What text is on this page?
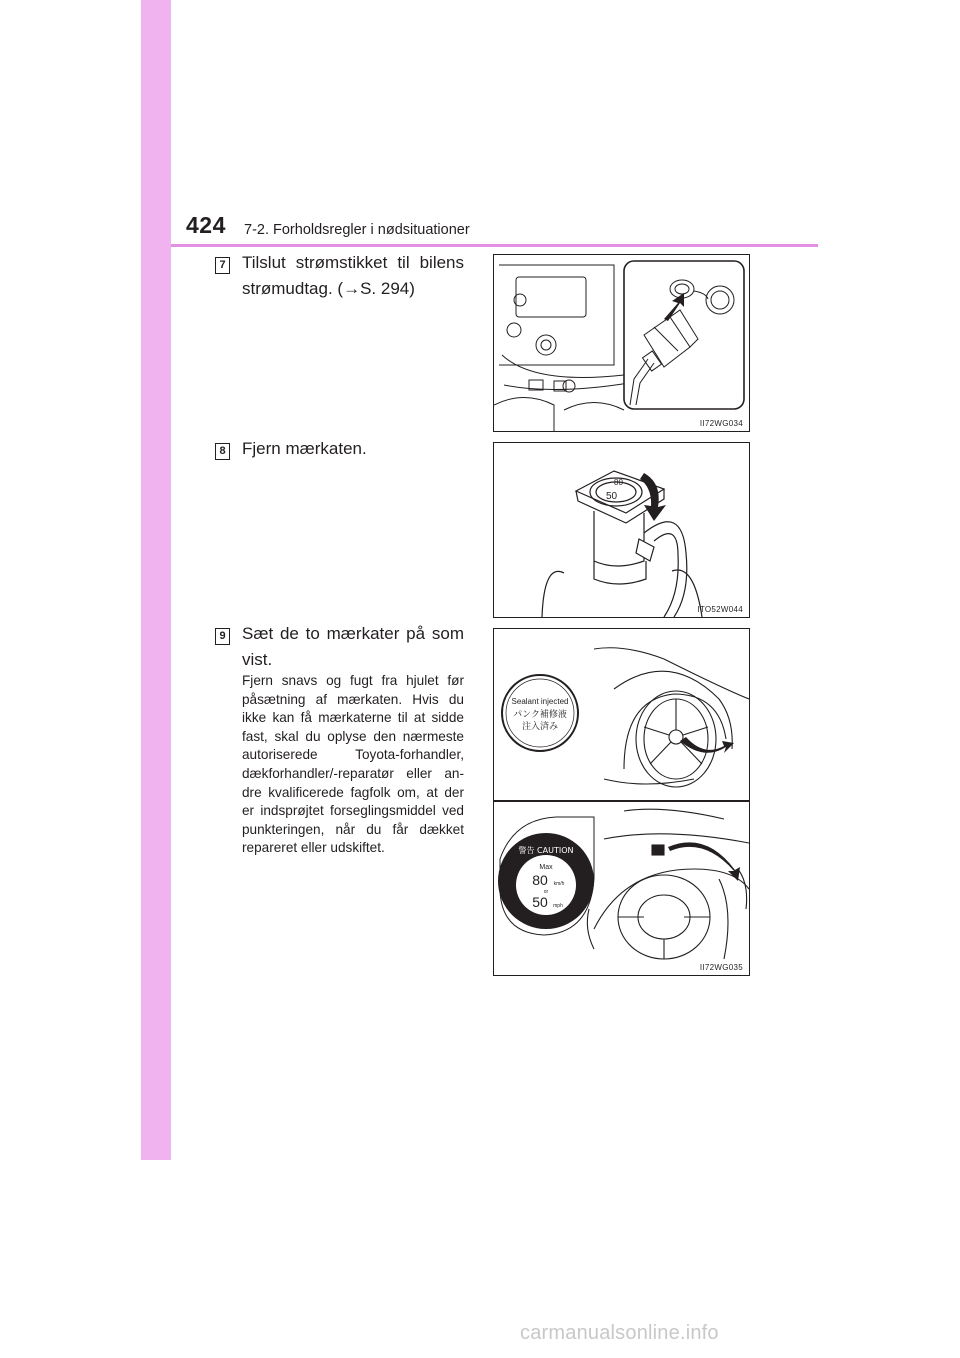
424 7-2. Forholdsregler i nødsituationer
7 Tilslut strømstikket til bilens
strømudtag. (→S. 294)
8 Fjern mærkaten.
9 Sæt de to mærkater på som
vist.
Fjern snavs og fugt fra hjulet før
påsætning af mærkaten. Hvis du
ikke kan få mærkaterne til at sidde
fast, skal du oplyse den nærmeste
autoriserede Toyota-forhandler,
dækforhandler/-reparatør eller an-
dre kvalificerede fagfolk om, at der
er indsprøjtet forseglingsmiddel ved
punkteringen, når du får dækket
repareret eller udskiftet.
II72WG034
50
80
ITO52W044
Sealant injected
パンク補修液
注入済み
警告 CAUTION
Max
80 km/h
or
50 mph
II72WG035
carmanualsonline.info
